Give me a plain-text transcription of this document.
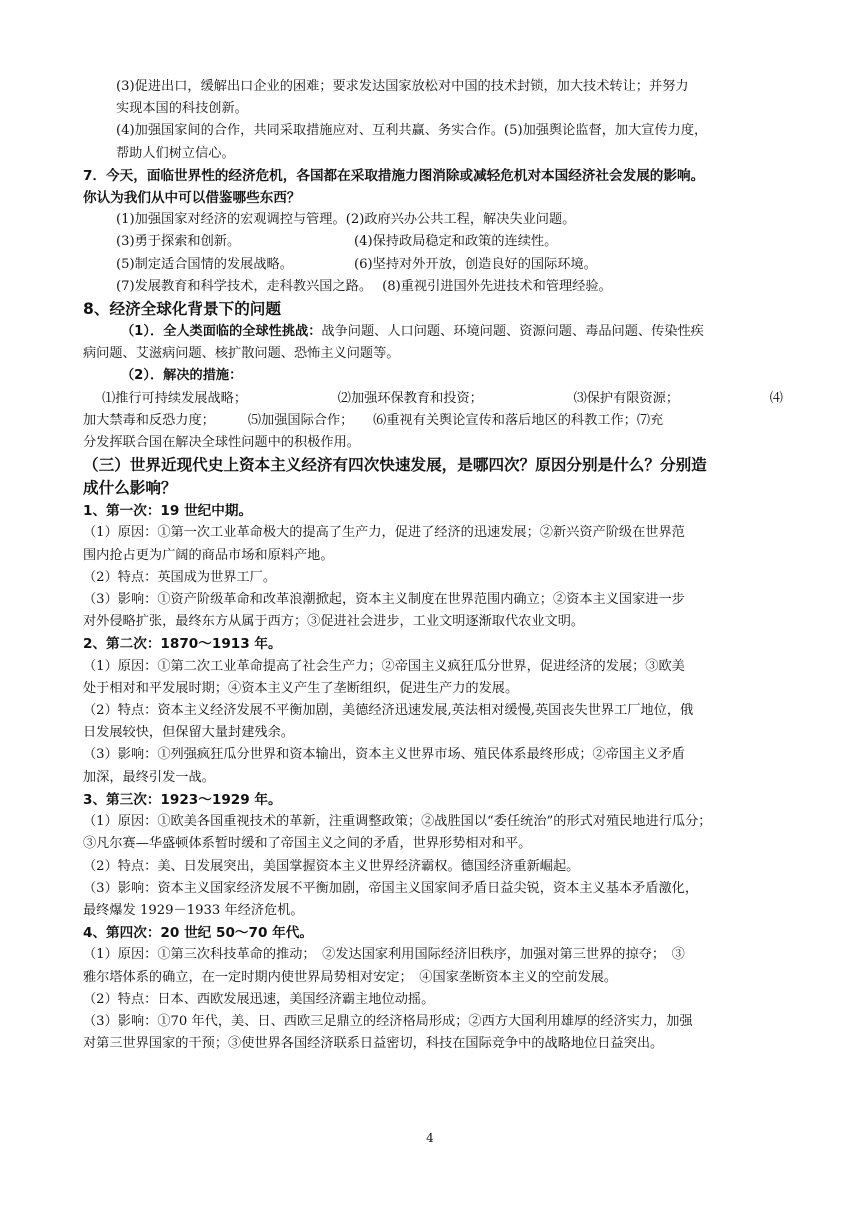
(3)促进出口，缓解出口企业的困难；要求发达国家放松对中国的技术封锁，加大技术转让；并努力

实现本国的科技创新。

(4)加强国家间的合作，共同采取措施应对、互利共赢、务实合作。(5)加强舆论监督，加大宣传力度，

帮助人们树立信心。

7．今天，面临世界性的经济危机，各国都在采取措施力图消除或减轻危机对本国经济社会发展的影响。

你认为我们从中可以借鉴哪些东西？

(1)加强国家对经济的宏观调控与管理。 (2)政府兴办公共工程，解决失业问题。
(3)勇于探索和创新。	(4)保持政局稳定和政策的连续性。
(5)制定适合国情的发展战略。	(6)坚持对外开放，创造良好的国际环境。
(7)发展教育和科学技术，走科教兴国之路。 (8)重视引进国外先进技术和管理经验。

8、经济全球化背景下的问题

（1）．全人类面临的全球性挑战：战争问题、人口问题、环境问题、资源问题、毒品问题、传染性疾

病问题、艾滋病问题、核扩散问题、恐怖主义问题等。

（2）．解决的措施：

⑴推行可持续发展战略；	⑵加强环保教育和投资；	⑶保护有限资源；	⑷

加大禁毒和反恐力度；　　　⑸加强国际合作；　　⑹重视有关舆论宣传和落后地区的科教工作；⑺充

分发挥联合国在解决全球性问题中的积极作用。

（三）世界近现代史上资本主义经济有四次快速发展，是哪四次？原因分别是什么？分别造

成什么影响？

1、第一次：19 世纪中期。

（1）原因：①第一次工业革命极大的提高了生产力，促进了经济的迅速发展；②新兴资产阶级在世界范

围内抢占更为广阔的商品市场和原料产地。

（2）特点：英国成为世界工厂。

（3）影响：①资产阶级革命和改革浪潮掀起，资本主义制度在世界范围内确立；②资本主义国家进一步

对外侵略扩张，最终东方从属于西方；③促进社会进步，工业文明逐渐取代农业文明。

2、第二次：1870～1913 年。

（1）原因：①第二次工业革命提高了社会生产力；②帝国主义疯狂瓜分世界，促进经济的发展；③欧美

处于相对和平发展时期；④资本主义产生了垄断组织，促进生产力的发展。

（2）特点：资本主义经济发展不平衡加剧，美德经济迅速发展,英法相对缓慢,英国丧失世界工厂地位，俄

日发展较快，但保留大量封建残余。

（3）影响：①列强疯狂瓜分世界和资本输出，资本主义世界市场、殖民体系最终形成；②帝国主义矛盾

加深，最终引发一战。

3、第三次：1923～1929 年。

（1）原因：①欧美各国重视技术的革新，注重调整政策；②战胜国以“委任统治”的形式对殖民地进行瓜分；

③凡尔赛—华盛顿体系暂时缓和了帝国主义之间的矛盾，世界形势相对和平。

（2）特点：美、日发展突出，美国掌握资本主义世界经济霸权。德国经济重新崛起。

（3）影响：资本主义国家经济发展不平衡加剧，帝国主义国家间矛盾日益尖锐，资本主义基本矛盾激化，

最终爆发 1929－1933 年经济危机。

4、第四次：20 世纪 50～70 年代。

（1）原因：①第三次科技革命的推动；　②发达国家利用国际经济旧秩序，加强对第三世界的掠夺；　③

雅尔塔体系的确立，在一定时期内使世界局势相对安定；　④国家垄断资本主义的空前发展。

（2）特点：日本、西欧发展迅速，美国经济霸主地位动摇。

（3）影响：①70 年代，美、日、西欧三足鼎立的经济格局形成；②西方大国利用雄厚的经济实力，加强

对第三世界国家的干预；③使世界各国经济联系日益密切，科技在国际竞争中的战略地位日益突出。

4
